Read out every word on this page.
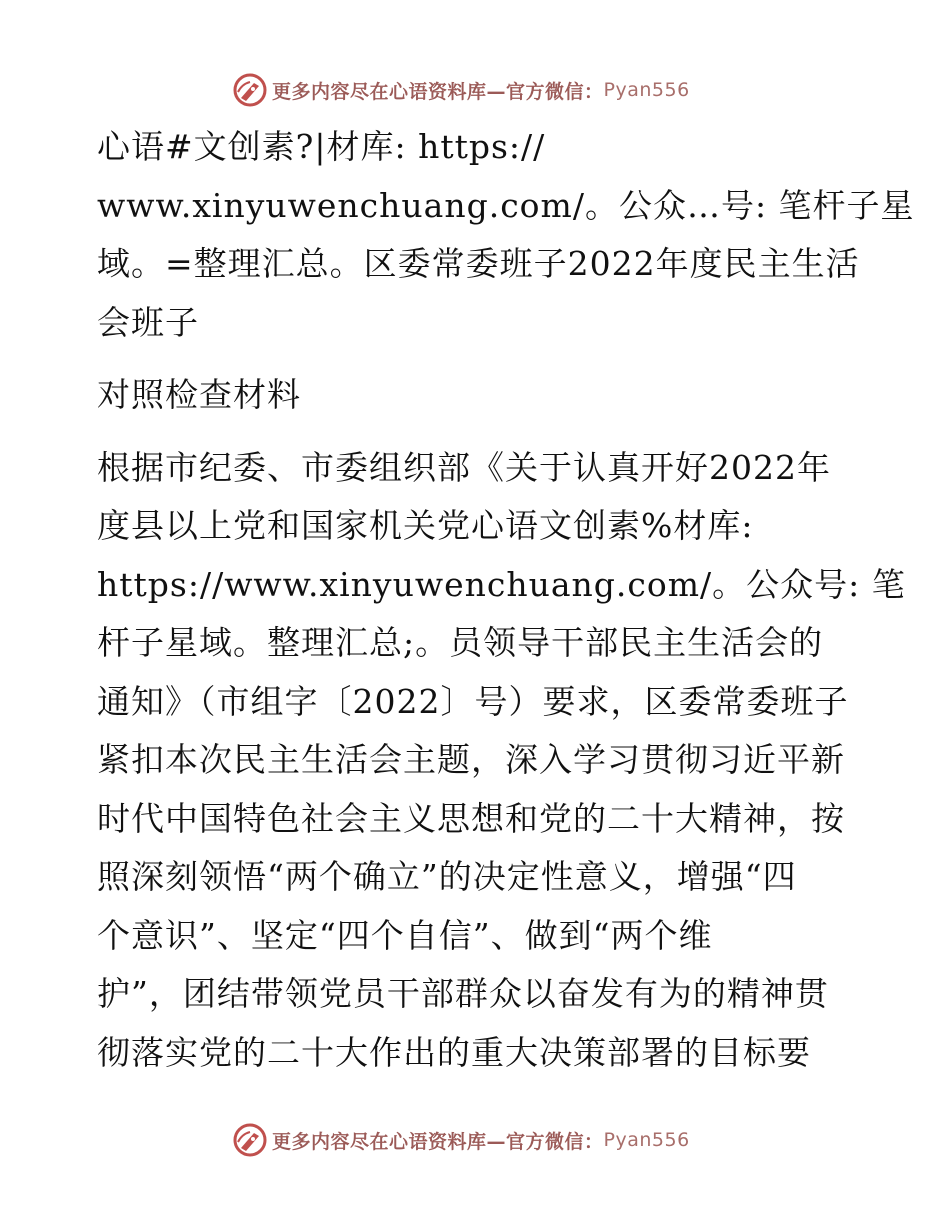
更多内容尽在心语资料库—官方微信： Pyan556

心语#文创素?|材库: https://
www.xinyuwenchuang.com/。公众…号: 笔杆子星
域。=整理汇总。区委常委班子2022年度民主生活
会班子

对照检查材料

根据市纪委、市委组织部《关于认真开好2022年
度县以上党和国家机关党心语文创素%材库:
https://www.xinyuwenchuang.com/。公众号: 笔
杆子星域。整理汇总;。员领导干部民主生活会的
通知》（市组字〔2022〕号）要求，区委常委班子
紧扣本次民主生活会主题，深入学习贯彻习近平新
时代中国特色社会主义思想和党的二十大精神，按
照深刻领悟“两个确立”的决定性意义，增强“四
个意识”、坚定“四个自信”、做到“两个维
护”，团结带领党员干部群众以奋发有为的精神贯
彻落实党的二十大作出的重大决策部署的目标要

更多内容尽在心语资料库—官方微信： Pyan556
